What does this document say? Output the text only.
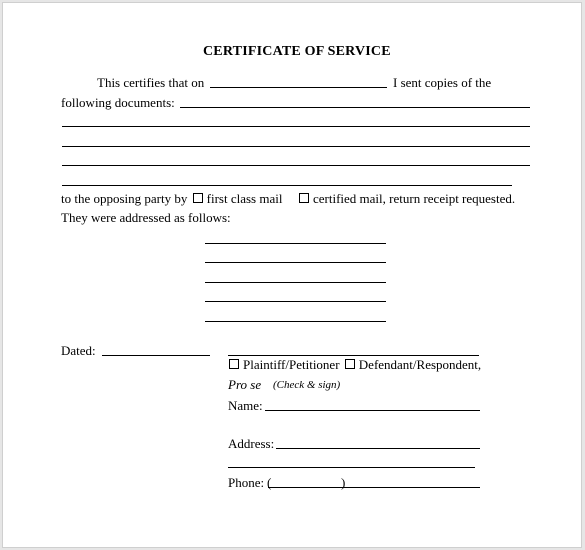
CERTIFICATE OF SERVICE
This certifies that on	I sent copies of the
following documents:
to the opposing party by first class mail	certified mail, return receipt requested.
They were addressed as follows:
Dated:
Plaintiff/Petitioner Defendant/Respondent,
Pro se (Check & sign)
Name:
Address:
Phone: (	)
